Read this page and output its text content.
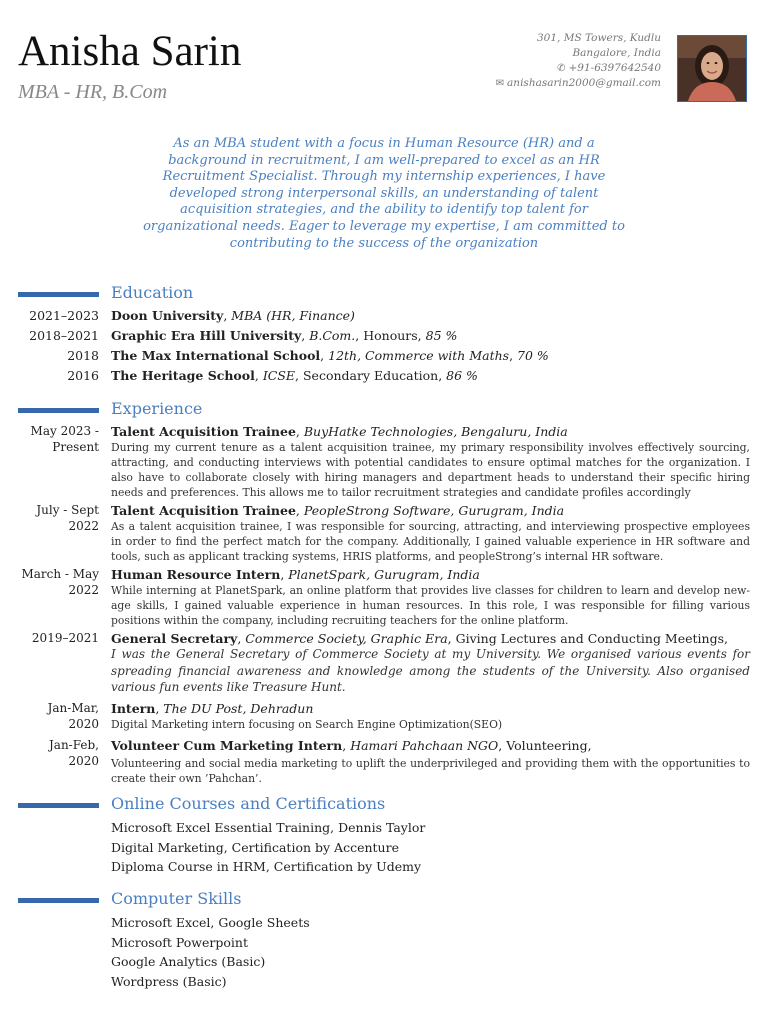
Anisha Sarin
MBA - HR, B.Com
301, MS Towers, Kudlu
Bangalore, India
✆ +91-6397642540
✉ anishasarin2000@gmail.com
As an MBA student with a focus in Human Resource (HR) and a background in recruitment, I am well-prepared to excel as an HR Recruitment Specialist. Through my internship experiences, I have developed strong interpersonal skills, an understanding of talent acquisition strategies, and the ability to identify top talent for organizational needs. Eager to leverage my expertise, I am committed to contributing to the success of the organization
Education
2021–2023 Doon University, MBA (HR, Finance)
2018–2021 Graphic Era Hill University, B.Com., Honours, 85 %
2018 The Max International School, 12th, Commerce with Maths, 70 %
2016 The Heritage School, ICSE, Secondary Education, 86 %
Experience
May 2023 -
Present
Talent Acquisition Trainee, BuyHatke Technologies, Bengaluru, India
During my current tenure as a talent acquisition trainee, my primary responsibility involves effectively sourcing, attracting, and conducting interviews with potential candidates to ensure optimal matches for the organization. I also have to collaborate closely with hiring managers and department heads to understand their specific hiring needs and preferences. This allows me to tailor recruitment strategies and candidate profiles accordingly
July - Sept
2022
Talent Acquisition Trainee, PeopleStrong Software, Gurugram, India
As a talent acquisition trainee, I was responsible for sourcing, attracting, and interviewing prospective employees in order to find the perfect match for the company. Additionally, I gained valuable experience in HR software and tools, such as applicant tracking systems, HRIS platforms, and peopleStrong’s internal HR software.
March - May
2022
Human Resource Intern, PlanetSpark, Gurugram, India
While interning at PlanetSpark, an online platform that provides live classes for children to learn and develop new-age skills, I gained valuable experience in human resources. In this role, I was responsible for filling various positions within the company, including recruiting teachers for the online platform.
2019–2021 General Secretary, Commerce Society, Graphic Era, Giving Lectures and Conducting Meetings,
I was the General Secretary of Commerce Society at my University. We organised various events for spreading financial awareness and knowledge among the students of the University. Also organised various fun events like Treasure Hunt.
Jan-Mar,
2020
Intern, The DU Post, Dehradun
Digital Marketing intern focusing on Search Engine Optimization(SEO)
Jan-Feb,
2020
Volunteer Cum Marketing Intern, Hamari Pahchaan NGO, Volunteering,
Volunteering and social media marketing to uplift the underprivileged and providing them with the opportunities to create their own ’Pahchan’.
Online Courses and Certifications
Microsoft Excel Essential Training, Dennis Taylor
Digital Marketing, Certification by Accenture
Diploma Course in HRM, Certification by Udemy
Computer Skills
Microsoft Excel, Google Sheets
Microsoft Powerpoint
Google Analytics (Basic)
Wordpress (Basic)
